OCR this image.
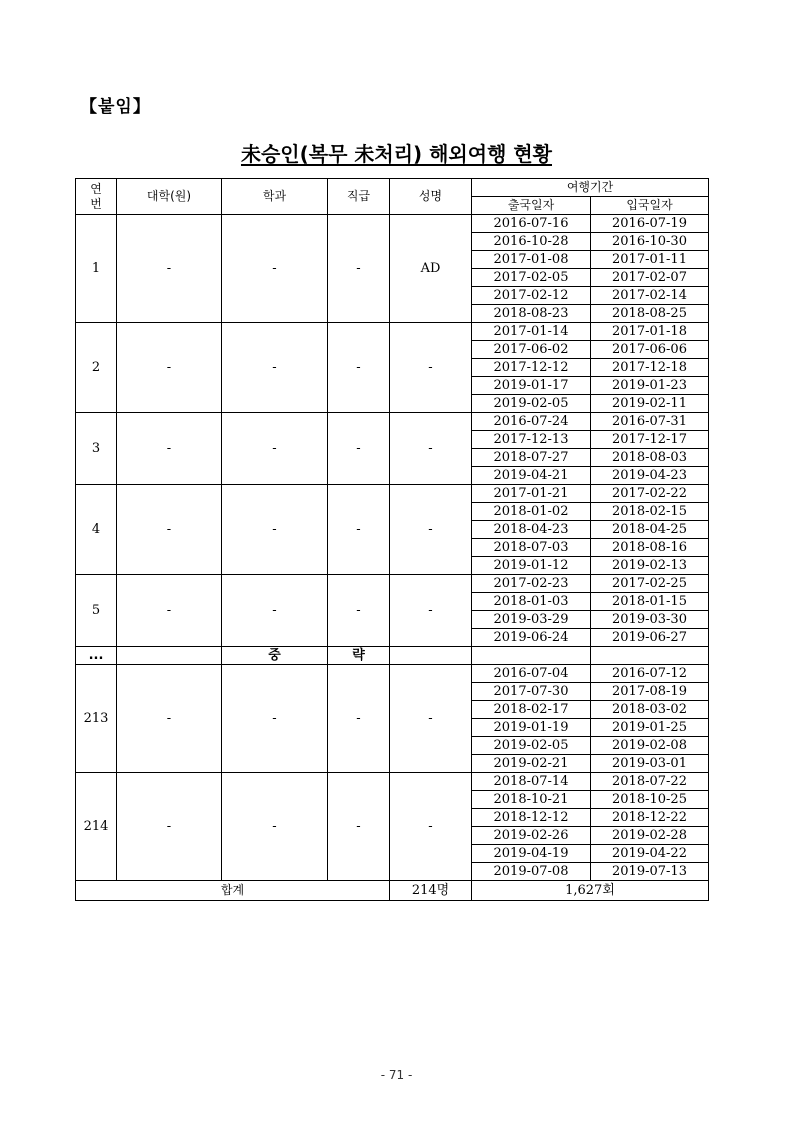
【붙임】
未승인(복무 未처리) 해외여행 현황
연
번	대학(원)	학과	직급	성명	여행기간	
					출국일자	입국일자
1	-	-	-	AD	2016-07-16	2016-07-19
					2016-10-28	2016-10-30
					2017-01-08	2017-01-11
					2017-02-05	2017-02-07
					2017-02-12	2017-02-14
					2018-08-23	2018-08-25
2	-	-	-	-	2017-01-14	2017-01-18
					2017-06-02	2017-06-06
					2017-12-12	2017-12-18
					2019-01-17	2019-01-23
					2019-02-05	2019-02-11
3	-	-	-	-	2016-07-24	2016-07-31
					2017-12-13	2017-12-17
					2018-07-27	2018-08-03
					2019-04-21	2019-04-23
4	-	-	-	-	2017-01-21	2017-02-22
					2018-01-02	2018-02-15
					2018-04-23	2018-04-25
					2018-07-03	2018-08-16
					2019-01-12	2019-02-13
5	-	-	-	-	2017-02-23	2017-02-25
					2018-01-03	2018-01-15
					2019-03-29	2019-03-30
					2019-06-24	2019-06-27
...		중	략			
213	-	-	-	-	2016-07-04	2016-07-12
					2017-07-30	2017-08-19
					2018-02-17	2018-03-02
					2019-01-19	2019-01-25
					2019-02-05	2019-02-08
					2019-02-21	2019-03-01
214	-	-	-	-	2018-07-14	2018-07-22
					2018-10-21	2018-10-25
					2018-12-12	2018-12-22
					2019-02-26	2019-02-28
					2019-04-19	2019-04-22
					2019-07-08	2019-07-13
합계				214명	1,627회	
- 71 -
